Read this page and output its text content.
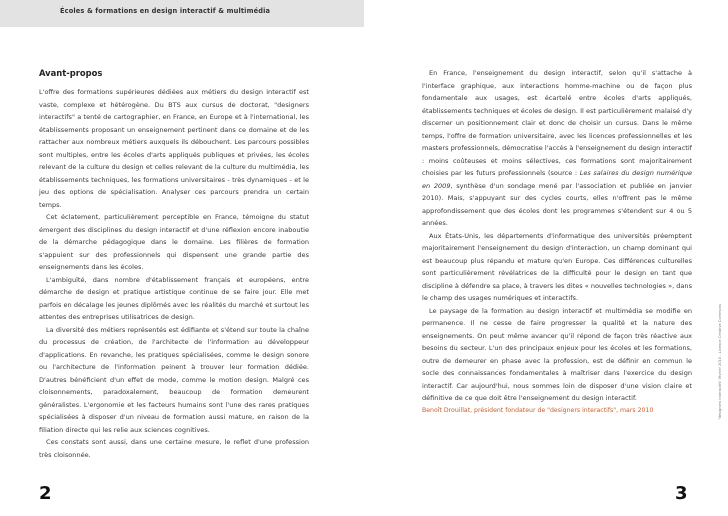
Écoles & formations en design interactif & multimédia
Avant-propos

L'offre des formations supérieures dédiées aux métiers du design interactif est vaste, complexe et hétérogène. Du BTS aux cursus de doctorat, "designers interactifs" a tenté de cartographier, en France, en Europe et à l'international, les établissements proposant un enseignement pertinent dans ce domaine et de les rattacher aux nombreux métiers auxquels ils débouchent. Les parcours possibles sont multiples, entre les écoles d'arts appliqués publiques et privées, les écoles relevant de la culture du design et celles relevant de la culture du multimédia, les établissements techniques, les formations universitaires - très dynamiques - et le jeu des options de spécialisation. Analyser ces parcours prendra un certain temps.

Cet éclatement, particulièrement perceptible en France, témoigne du statut émergent des disciplines du design interactif et d'une réflexion encore inaboutie de la démarche pédagogique dans le domaine. Les filières de formation s'appuient sur des professionnels qui dispensent une grande partie des enseignements dans les écoles.

L'ambiguïté, dans nombre d'établissement français et européens, entre démarche de design et pratique artistique continue de se faire jour. Elle met parfois en décalage les jeunes diplômés avec les réalités du marché et surtout les attentes des entreprises utilisatrices de design.

La diversité des métiers représentés est édifiante et s'étend sur toute la chaîne du processus de création, de l'architecte de l'information au développeur d'applications. En revanche, les pratiques spécialisées, comme le design sonore ou l'architecture de l'information peinent à trouver leur formation dédiée. D'autres bénéficient d'un effet de mode, comme le motion design. Malgré ces cloisonnements, paradoxalement, beaucoup de formation demeurent généralistes. L'ergonomie et les facteurs humains sont l'une des rares pratiques spécialisées à disposer d'un niveau de formation aussi mature, en raison de la filiation directe qui les relie aux sciences cognitives.

Ces constats sont aussi, dans une certaine mesure, le reflet d'une profession très cloisonnée.

2

En France, l'enseignement du design interactif, selon qu'il s'attache à l'interface graphique, aux interactions homme-machine ou de façon plus fondamentale aux usages, est écartelé entre écoles d'arts appliqués, établissements techniques et écoles de design. Il est particulièrement malaisé d'y discerner un positionnement clair et donc de choisir un cursus. Dans le même temps, l'offre de formation universitaire, avec les licences professionnelles et les masters professionnels, démocratise l'accès à l'enseignement du design interactif : moins coûteuses et moins sélectives, ces formations sont majoritairement choisies par les futurs professionnels (source : Les salaires du design numérique en 2009, synthèse d'un sondage mené par l'association et publiée en janvier 2010). Mais, s'appuyant sur des cycles courts, elles n'offrent pas le même approfondissement que des écoles dont les programmes s'étendent sur 4 ou 5 années.

Aux États-Unis, les départements d'informatique des universités préemptent majoritairement l'enseignement du design d'interaction, un champ dominant qui est beaucoup plus répandu et mature qu'en Europe. Ces différences culturelles sont particulièrement révélatrices de la difficulté pour le design en tant que discipline à défendre sa place, à travers les dites « nouvelles technologies », dans le champ des usages numériques et interactifs.

Le paysage de la formation au design interactif et multimédia se modifie en permanence. Il ne cesse de faire progresser la qualité et la nature des enseignements. On peut même avancer qu'il répond de façon très réactive aux besoins du secteur. L'un des principaux enjeux pour les écoles et les formations, outre de demeurer en phase avec la profession, est de définir en commun le socle des connaissances fondamentales à maîtriser dans l'exercice du design interactif. Car aujourd'hui, nous sommes loin de disposer d'une vision claire et définitive de ce que doit être l'enseignement du design interactif.

Benoît Drouillat, président fondateur de "designers interactifs", mars 2010

3
"designers interactifs" février 2010 - Licence Creative Commons
